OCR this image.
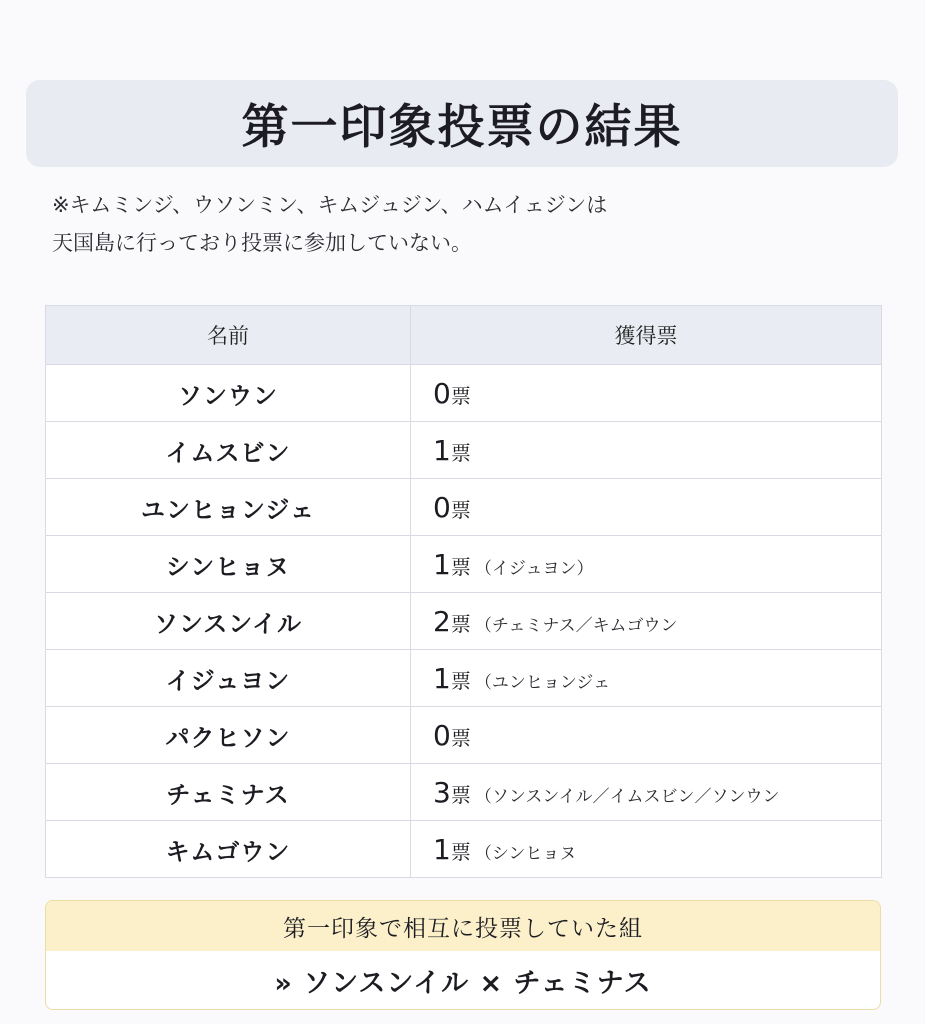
第一印象投票の結果

※キムミンジ、ウソンミン、キムジュジン、ハムイェジンは

天国島に行っており投票に参加していない。

名前	獲得票
ソンウン	0票
イムスビン	1票
ユンヒョンジェ	0票
シンヒョヌ	1票 （イジュヨン）
ソンスンイル	2票 （チェミナス／キムゴウン
イジュヨン	1票 （ユンヒョンジェ
パクヒソン	0票
チェミナス	3票 （ソンスンイル／イムスビン／ソンウン
キムゴウン	1票 （シンヒョヌ
第一印象で相互に投票していた組
» ソンスンイル × チェミナス
